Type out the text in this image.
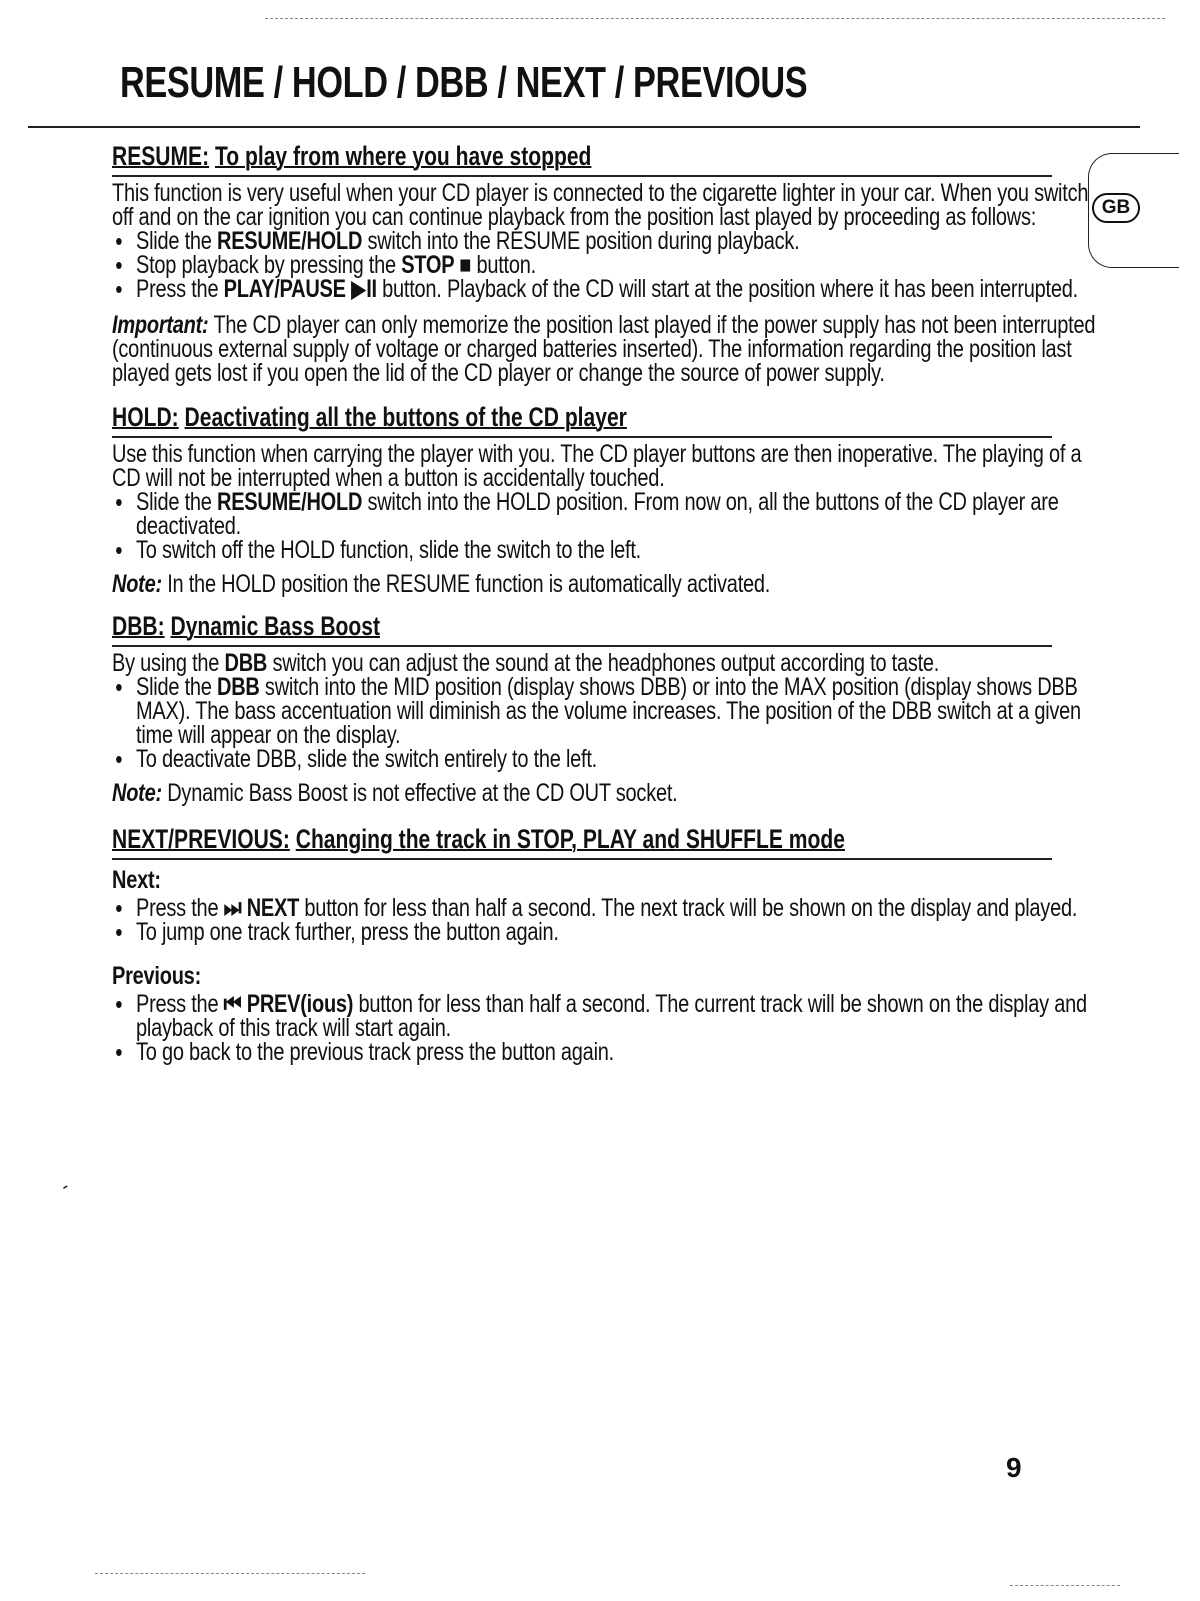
RESUME / HOLD / DBB / NEXT / PREVIOUS
GB
RESUME: To play from where you have stopped

This function is very useful when your CD player is connected to the cigarette lighter in your car. When you switch off and on the car ignition you can continue playback from the position last played by proceeding as follows:

• Slide the RESUME/HOLD switch into the RESUME position during playback.
• Stop playback by pressing the STOP ■ button.
• Press the PLAY/PAUSE ▶II button. Playback of the CD will start at the position where it has been interrupted.

Important: The CD player can only memorize the position last played if the power supply has not been interrupted (continuous external supply of voltage or charged batteries inserted). The information regarding the position last played gets lost if you open the lid of the CD player or change the source of power supply.

HOLD: Deactivating all the buttons of the CD player

Use this function when carrying the player with you. The CD player buttons are then inoperative. The playing of a CD will not be interrupted when a button is accidentally touched.

• Slide the RESUME/HOLD switch into the HOLD position. From now on, all the buttons of the CD player are deactivated.
• To switch off the HOLD function, slide the switch to the left.

Note: In the HOLD position the RESUME function is automatically activated.

DBB: Dynamic Bass Boost

By using the DBB switch you can adjust the sound at the headphones output according to taste.

• Slide the DBB switch into the MID position (display shows DBB) or into the MAX position (display shows DBB MAX). The bass accentuation will diminish as the volume increases. The position of the DBB switch at a given time will appear on the display.
• To deactivate DBB, slide the switch entirely to the left.

Note: Dynamic Bass Boost is not effective at the CD OUT socket.

NEXT/PREVIOUS: Changing the track in STOP, PLAY and SHUFFLE mode
Next:
• Press the ⏭ NEXT button for less than half a second. The next track will be shown on the display and played.
• To jump one track further, press the button again.
Previous:
• Press the ⏮ PREV(ious) button for less than half a second. The current track will be shown on the display and playback of this track will start again.
• To go back to the previous track press the button again.
-
9
